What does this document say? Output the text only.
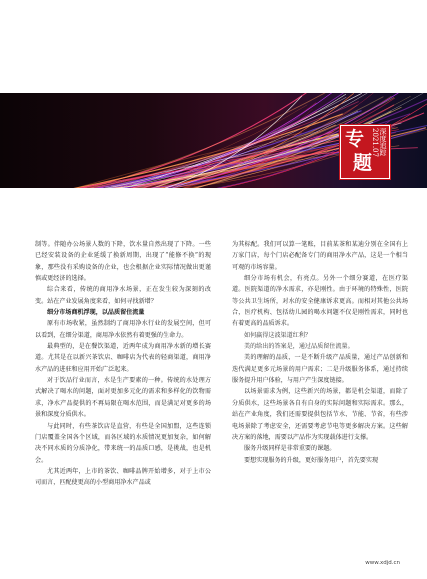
专
题
深度追踪 2021.07

制等。伴随办公场景人数的下降，饮水量自然出现了下降。一些已经安装设备的企业延缓了换新周期，出现了“能修不换”的现象，那些没有采购设备的企业，也会根据企业实际情况做出更谨慎或更经济的选择。

综合来看，传统的商用净水场景，正在发生较为深刻的改变。站在产业发展角度来看，如何寻找新增？

细分市场商机浮现，以品质留住流量

原有市场收紧，虽然制约了商用净水行业的发展空间，但可以看到，在细分渠道，商用净水依然有着更强的生命力。

最典型的，是在餐饮渠道，近两年成为商用净水新的增长赛道。尤其是在以新兴茶饮店、咖啡店为代表的轻商渠道，商用净水产品的进驻和应用开始广泛起来。

对于饮品行业而言，水是生产要素的一种。传统的水处理方式解决了喝水的问题，面对更加多元化的需求和多样化的饮物需求，净水产品提供的不再局限在喝水范围，而是满足对更多的场景和深度分质供水。

与此同时，有些茶饮店是直营，有些是全国加盟，这些连锁门店覆盖全国各个区域，而各区域的水质情况更加复杂，如何解决不同水质的分质净化，带来统一的品质口感，是挑战，也是机会。

尤其近两年，上市的茶饮、咖啡品牌开始增多，对于上市公司而言，匹配使更高的小型商用净水产品或

为其标配。我们可以算一笔账，目前某茶和某迪分别在全国有上万家门店，每个门店必配备专门的商用净水产品，这是一个相当可观的市场容量。

细分市场有机会，有亮点。另外一个细分赛道，在医疗渠道。医院渠道的净水需求，亦是刚性。由于环境的特殊性，医院等公共卫生场所，对水的安全健康诉求更高。而相对其他公共场合，医疗机构、包括幼儿园的喝水问题不仅是刚性需求，同时也有着更高的品质诉求。

如何赢得这波渠道红利？

美的给出的答案是，通过品质留住流量。

美的理解的品质，一是不断升级产品质量，通过产品创新和迭代满足更多元场景的用户需求；二是升级服务体系，通过持续服务提升用户体验，与用户产生深度链接。

以场景需求为例，这些新兴的场景，都是机会渠道，而除了分质供水，这些场景各自有自身的实际问题和实际需求。那么，站在产业角度，我们还需要提供包括节水、节能、节省，有些涉电场景除了考虑安全，还需要考虑节电等更多解决方案。这些解决方案的落地，需要以产品作为实现载体进行支撑。

服务升级同样是非常重要的课题。

要想实现服务的升级，更好服务用户，首先要实现

www.xdjd.cn
